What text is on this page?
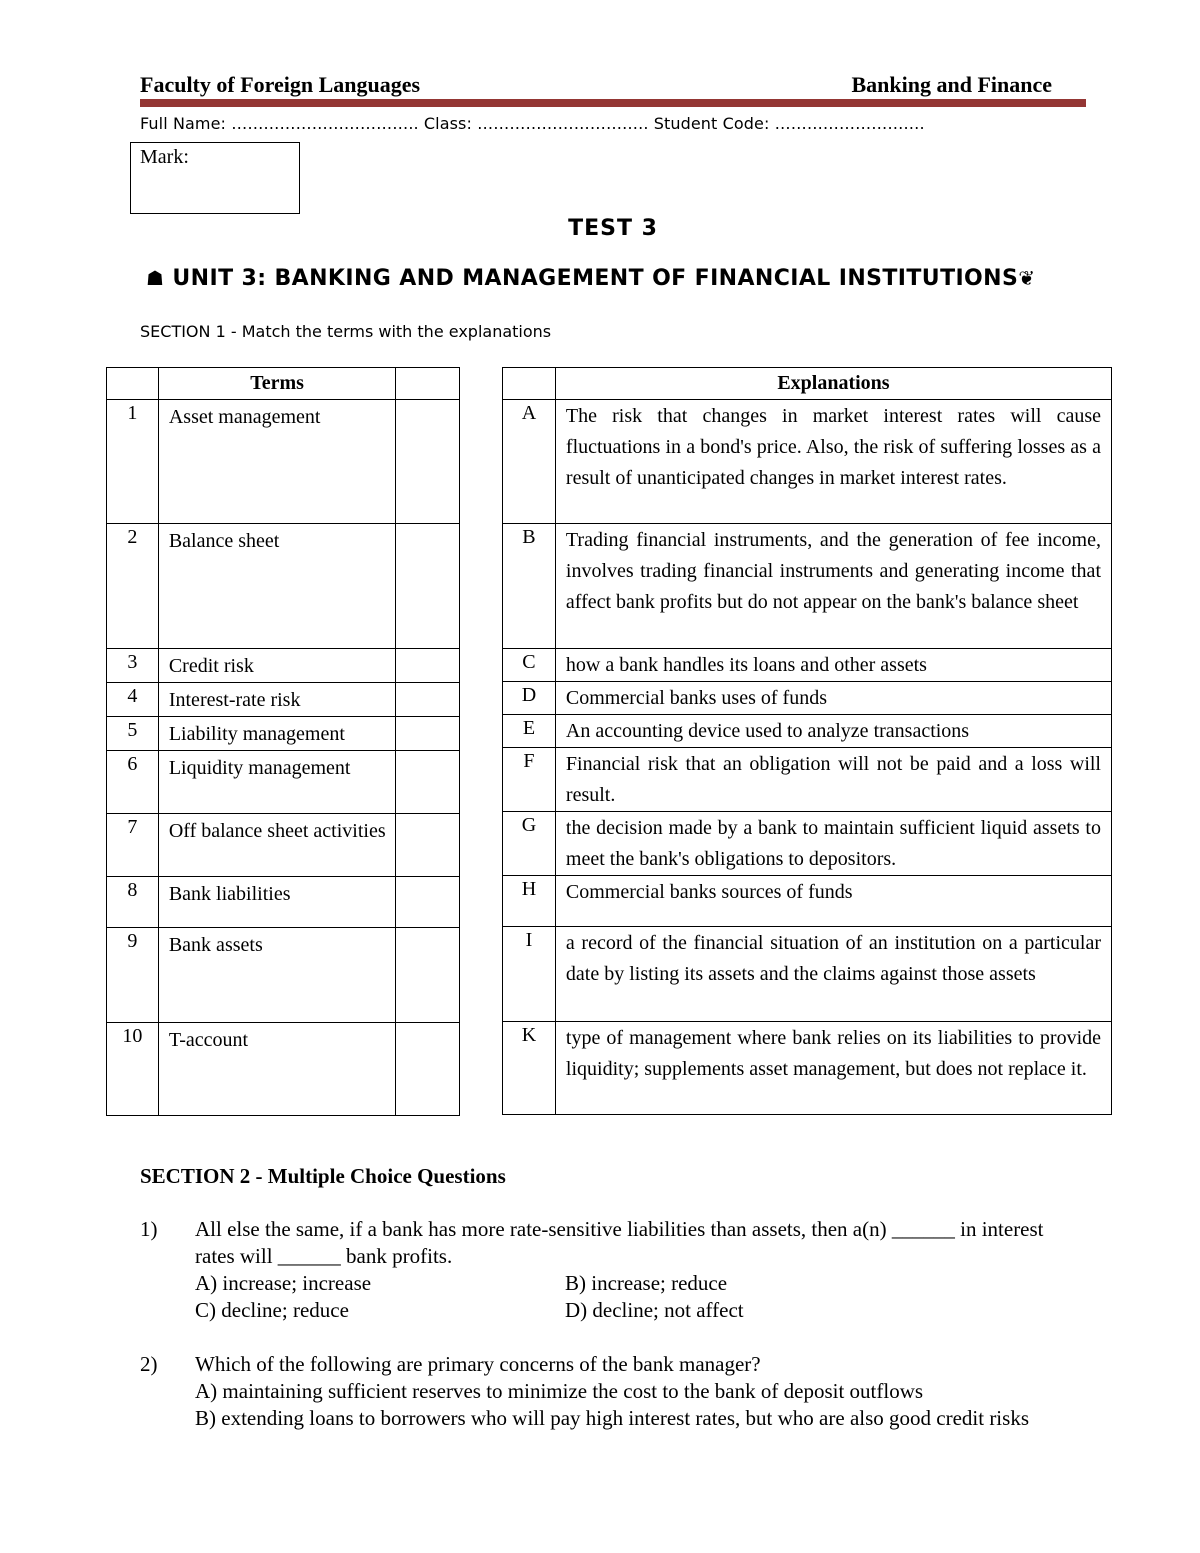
Faculty of Foreign Languages	Banking and Finance
Full Name: …………………………….. Class: ………………………….. Student Code: ……………………….
Mark:
TEST 3
☗ UNIT 3: BANKING AND MANAGEMENT OF FINANCIAL INSTITUTIONS❦
SECTION 1 - Match the terms with the explanations
	Terms	
1	Asset management	
2	Balance sheet	
3	Credit risk	
4	Interest-rate risk	
5	Liability management	
6	Liquidity management	
7	Off balance sheet activities	
8	Bank liabilities	
9	Bank assets	
10	T-account	
	Explanations
A	The risk that changes in market interest rates will cause fluctuations in a bond's price. Also, the risk of suffering losses as a result of unanticipated changes in market interest rates.
B	Trading financial instruments, and the generation of fee income, involves trading financial instruments and generating income that affect bank profits but do not appear on the bank's balance sheet
C	how a bank handles its loans and other assets
D	Commercial banks uses of funds
E	An accounting device used to analyze transactions
F	Financial risk that an obligation will not be paid and a loss will result.
G	the decision made by a bank to maintain sufficient liquid assets to meet the bank's obligations to depositors.
H	Commercial banks sources of funds
I	a record of the financial situation of an institution on a particular date by listing its assets and the claims against those assets
K	type of management where bank relies on its liabilities to provide liquidity; supplements asset management, but does not replace it.
SECTION 2 - Multiple Choice Questions
1) All else the same, if a bank has more rate-sensitive liabilities than assets, then a(n) ______ in interest rates will ______ bank profits.
A) increase; increase	B) increase; reduce
C) decline; reduce	D) decline; not affect
2) Which of the following are primary concerns of the bank manager?
A) maintaining sufficient reserves to minimize the cost to the bank of deposit outflows
B) extending loans to borrowers who will pay high interest rates, but who are also good credit risks
